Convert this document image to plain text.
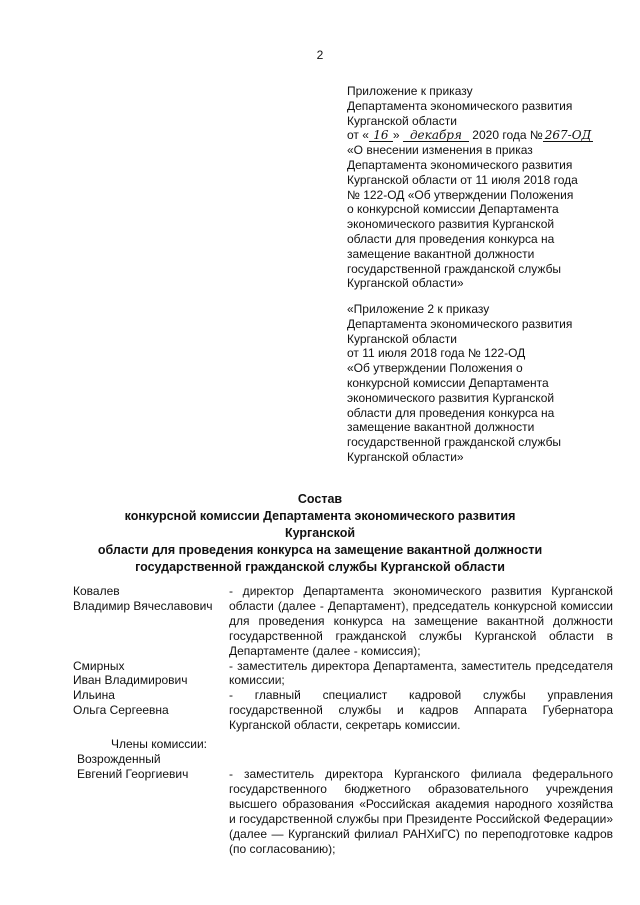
2

Приложение к приказу

Департамента экономического развития

Курганской области

от « 16 » декабря 2020 года № 267-ОД

«О внесении изменения в приказ

Департамента экономического развития

Курганской области от 11 июля 2018 года

№ 122-ОД «Об утверждении Положения

о конкурсной комиссии Департамента

экономического развития Курганской

области для проведения конкурса на

замещение вакантной должности

государственной гражданской службы

Курганской области»

«Приложение 2 к приказу

Департамента экономического развития

Курганской области

от 11 июля 2018 года № 122-ОД

«Об утверждении Положения о

конкурсной комиссии Департамента

экономического развития Курганской

области для проведения конкурса на

замещение вакантной должности

государственной гражданской службы

Курганской области»

Состав

конкурсной комиссии Департамента экономического развития Курганской

области для проведения конкурса на замещение вакантной должности

государственной гражданской службы Курганской области

Ковалев
Владимир Вячеславович
- директор Департамента экономического развития Курганской области (далее - Департамент), председатель конкурсной комиссии для проведения конкурса на замещение вакантной должности государственной гражданской службы Курганской области в Департаменте (далее - комиссия);
Смирных
Иван Владимирович
- заместитель директора Департамента, заместитель председателя комиссии;
Ильина
Ольга Сергеевна
- главный специалист кадровой службы управления государственной службы и кадров Аппарата Губернатора Курганской области, секретарь комиссии.
Члены комиссии:
Возрожденный
Евгений Георгиевич	- заместитель директора Курганского филиала федерального государственного бюджетного образовательного учреждения высшего образования «Российская академия народного хозяйства и государственной службы при Президенте Российской Федерации» (далее — Курганский филиал РАНХиГС) по переподготовке кадров (по согласованию);
